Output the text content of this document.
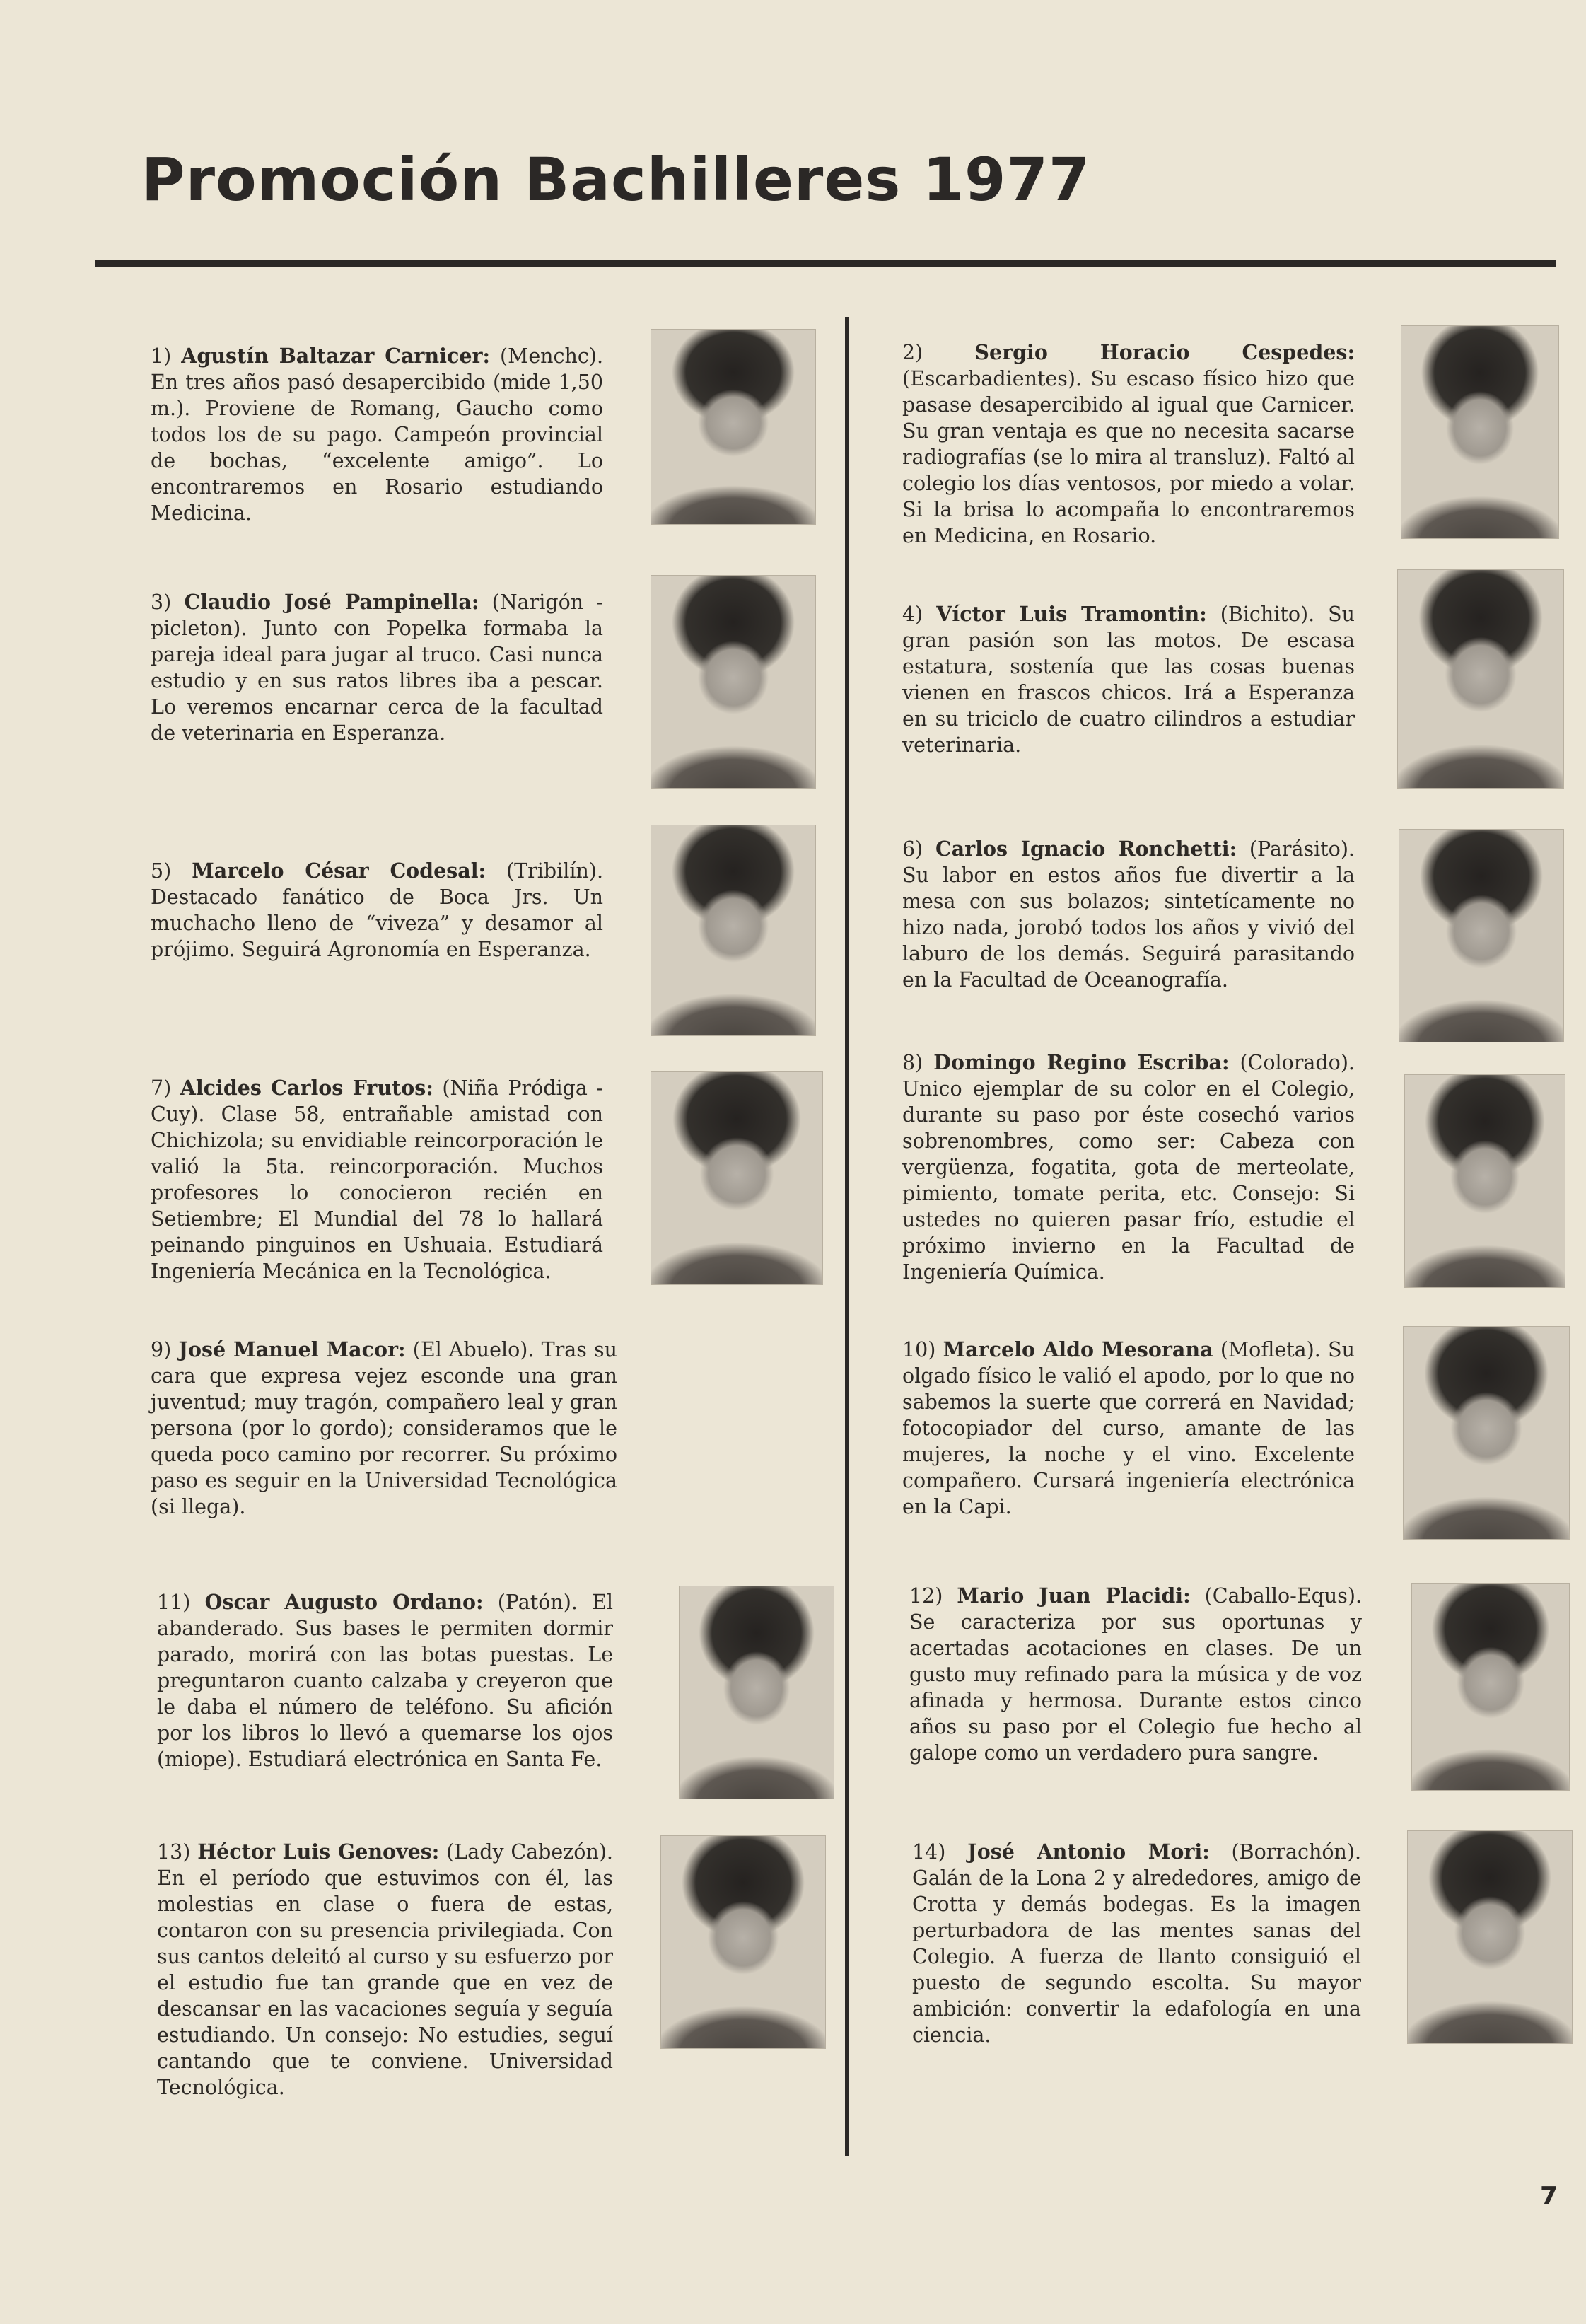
Promoción Bachilleres 1977
1) Agustín Baltazar Carnicer: (Menchc). En tres años pasó desapercibido (mide 1,50 m.). Proviene de Romang, Gaucho como todos los de su pago. Campeón provincial de bochas, “excelente amigo”. Lo encontraremos en Rosario estudiando Medicina.
3) Claudio José Pampinella: (Narigón - picleton). Junto con Popelka formaba la pareja ideal para jugar al truco. Casi nunca estudio y en sus ratos libres iba a pescar. Lo veremos encarnar cerca de la facultad de veterinaria en Esperanza.
5) Marcelo César Codesal: (Tribilín). Destacado fanático de Boca Jrs. Un muchacho lleno de “viveza” y desamor al prójimo. Seguirá Agronomía en Esperanza.
7) Alcides Carlos Frutos: (Niña Pródiga - Cuy). Clase 58, entrañable amistad con Chichizola; su envidiable reincorporación le valió la 5ta. reincorporación. Muchos profesores lo conocieron recién en Setiembre; El Mundial del 78 lo hallará peinando pinguinos en Ushuaia. Estudiará Ingeniería Mecánica en la Tecnológica.
9) José Manuel Macor: (El Abuelo). Tras su cara que expresa vejez esconde una gran juventud; muy tragón, compañero leal y gran persona (por lo gordo); consideramos que le queda poco camino por recorrer. Su próximo paso es seguir en la Universidad Tecnológica (si llega).
11) Oscar Augusto Ordano: (Patón). El abanderado. Sus bases le permiten dormir parado, morirá con las botas puestas. Le preguntaron cuanto calzaba y creyeron que le daba el número de teléfono. Su afición por los libros lo llevó a quemarse los ojos (miope). Estudiará electrónica en Santa Fe.
13) Héctor Luis Genoves: (Lady Cabezón). En el período que estuvimos con él, las molestias en clase o fuera de estas, contaron con su presencia privilegiada. Con sus cantos deleitó al curso y su esfuerzo por el estudio fue tan grande que en vez de descansar en las vacaciones seguía y seguía estudiando. Un consejo: No estudies, seguí cantando que te conviene. Universidad Tecnológica.
2)	Sergio Horacio Cespedes: (Escarbadientes). Su escaso físico hizo que pasase desapercibido al igual que Carnicer. Su gran ventaja es que no necesita sacarse radiografías (se lo mira al transluz). Faltó al colegio los días ventosos, por miedo a volar. Si la brisa lo acompaña lo encontraremos en Medicina, en Rosario.
4) Víctor Luis Tramontin: (Bichito). Su gran pasión son las motos. De escasa estatura, sostenía que las cosas buenas vienen en frascos chicos. Irá a Esperanza en su triciclo de cuatro cilindros a estudiar veterinaria.
6) Carlos Ignacio Ronchetti: (Parásito). Su labor en estos años fue divertir a la mesa con sus bolazos; sintetícamente no hizo nada, jorobó todos los años y vivió del laburo de los demás. Seguirá parasitando en la Facultad de Oceanografía.
8) Domingo Regino Escriba: (Colorado). Unico ejemplar de su color en el Colegio, durante su paso por éste cosechó varios sobrenombres, como ser: Cabeza con vergüenza, fogatita, gota de merteolate, pimiento, tomate perita, etc. Consejo: Si ustedes no quieren pasar frío, estudie el próximo invierno en la Facultad de Ingeniería Química.
10) Marcelo Aldo Mesorana (Mofleta). Su olgado físico le valió el apodo, por lo que no sabemos la suerte que correrá en Navidad; fotocopiador del curso, amante de las mujeres, la noche y el vino. Excelente compañero. Cursará ingeniería electrónica en la Capi.
12) Mario Juan Placidi: (Caballo-Equs). Se caracteriza por sus oportunas y acertadas acotaciones en clases. De un gusto muy refinado para la música y de voz afinada y hermosa. Durante estos cinco años su paso por el Colegio fue hecho al galope como un verdadero pura sangre.
14) José Antonio Mori: (Borrachón). Galán de la Lona 2 y alrededores, amigo de Crotta y demás bodegas. Es la imagen perturbadora de las mentes sanas del Colegio. A fuerza de llanto consiguió el puesto de segundo escolta. Su mayor ambición: convertir la edafología en una ciencia.
7
